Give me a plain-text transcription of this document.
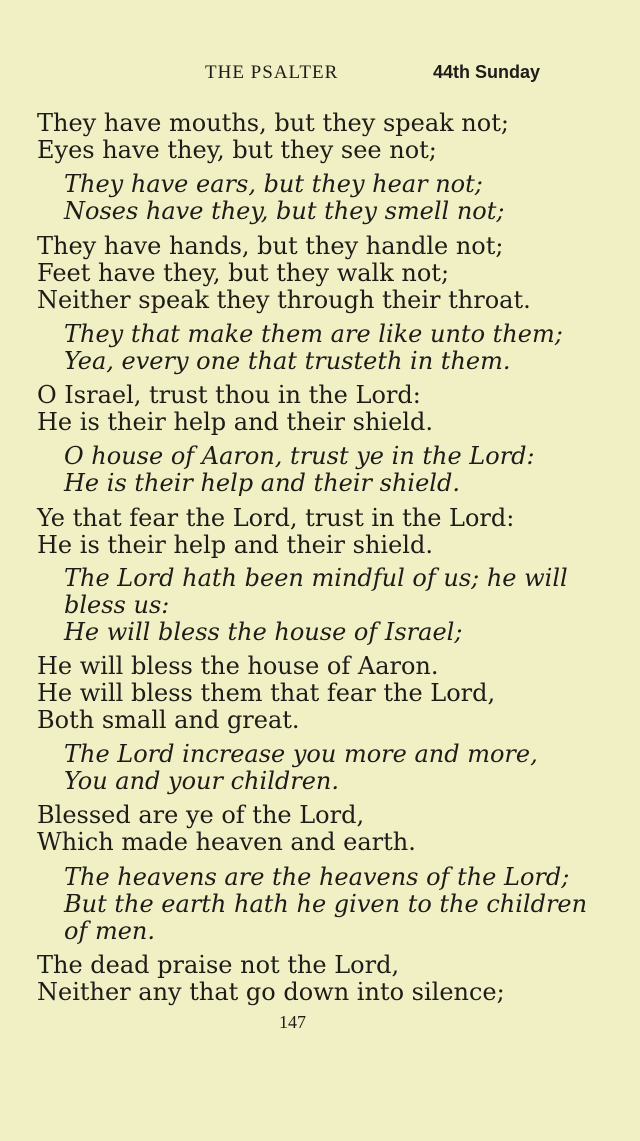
THE PSALTER	44th Sunday
They have mouths, but they speak not;
Eyes have they, but they see not;
They have ears, but they hear not;
Noses have they, but they smell not;
They have hands, but they handle not;
Feet have they, but they walk not;
Neither speak they through their throat.
They that make them are like unto them;
Yea, every one that trusteth in them.
O Israel, trust thou in the Lord:
He is their help and their shield.
O house of Aaron, trust ye in the Lord:
He is their help and their shield.
Ye that fear the Lord, trust in the Lord:
He is their help and their shield.
The Lord hath been mindful of us; he will
bless us:
He will bless the house of Israel;
He will bless the house of Aaron.
He will bless them that fear the Lord,
Both small and great.
The Lord increase you more and more,
You and your children.
Blessed are ye of the Lord,
Which made heaven and earth.
The heavens are the heavens of the Lord;
But the earth hath he given to the children
of men.
The dead praise not the Lord,
Neither any that go down into silence;
147
